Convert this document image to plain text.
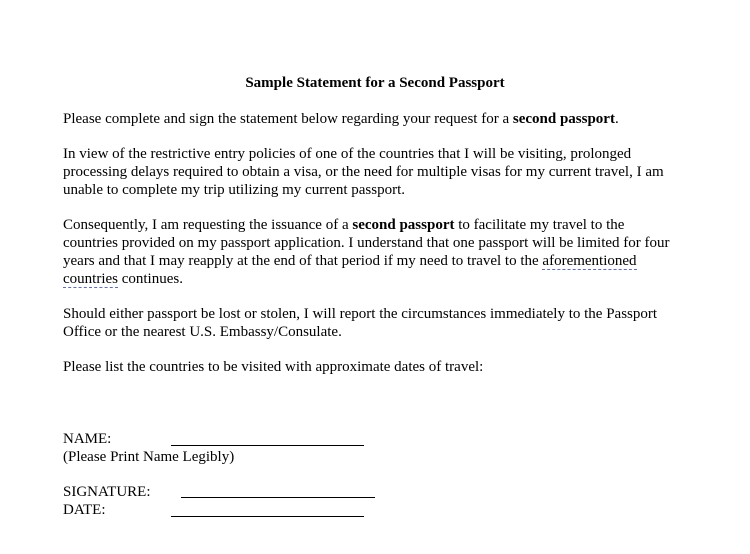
Sample Statement for a Second Passport

Please complete and sign the statement below regarding your request for a second passport.

In view of the restrictive entry policies of one of the countries that I will be visiting, prolonged processing delays required to obtain a visa, or the need for multiple visas for my current travel, I am unable to complete my trip utilizing my current passport.

Consequently, I am requesting the issuance of a second passport to facilitate my travel to the countries provided on my passport application. I understand that one passport will be limited for four years and that I may reapply at the end of that period if my need to travel to the aforementioned countries continues.

Should either passport be lost or stolen, I will report the circumstances immediately to the Passport Office or the nearest U.S. Embassy/Consulate.

Please list the countries to be visited with approximate dates of travel:

NAME:
(Please Print Name Legibly)
SIGNATURE:
DATE:
